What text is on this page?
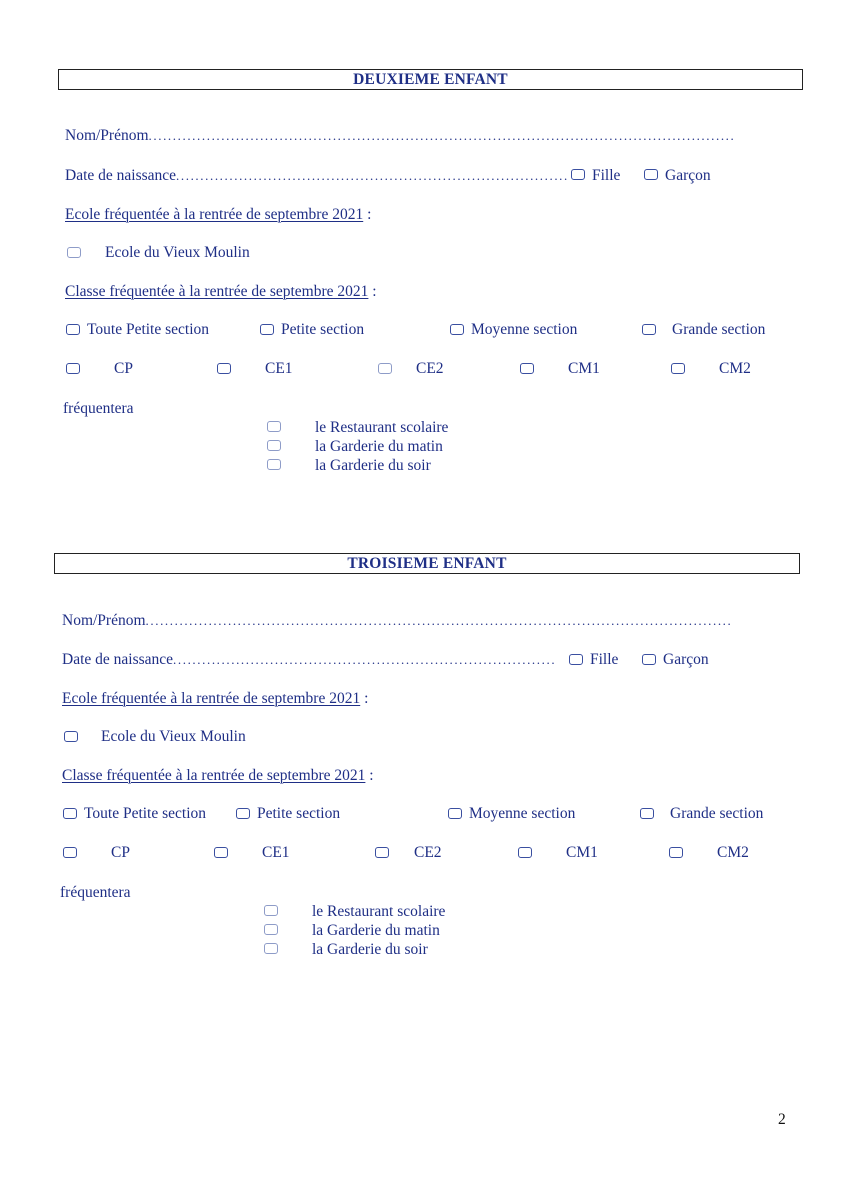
DEUXIEME ENFANT
Nom/Prénom.........................................................................................................................
Date de naissance................................................................................. Fille	Garçon
Ecole fréquentée à la rentrée de septembre 2021 :
Ecole du Vieux Moulin
Classe fréquentée à la rentrée de septembre 2021 :
Toute Petite section	Petite section	Moyenne section	Grande section
CP	CE1	CE2	CM1	CM2
fréquentera
le Restaurant scolaire
la Garderie du matin
la Garderie du soir
TROISIEME ENFANT
Nom/Prénom.........................................................................................................................
Date de naissance............................................................................... Fille	Garçon
Ecole fréquentée à la rentrée de septembre 2021 :
Ecole du Vieux Moulin
Classe fréquentée à la rentrée de septembre 2021 :
Toute Petite section	Petite section	Moyenne section	Grande section
CP	CE1	CE2	CM1	CM2
fréquentera
le Restaurant scolaire
la Garderie du matin
la Garderie du soir
2
